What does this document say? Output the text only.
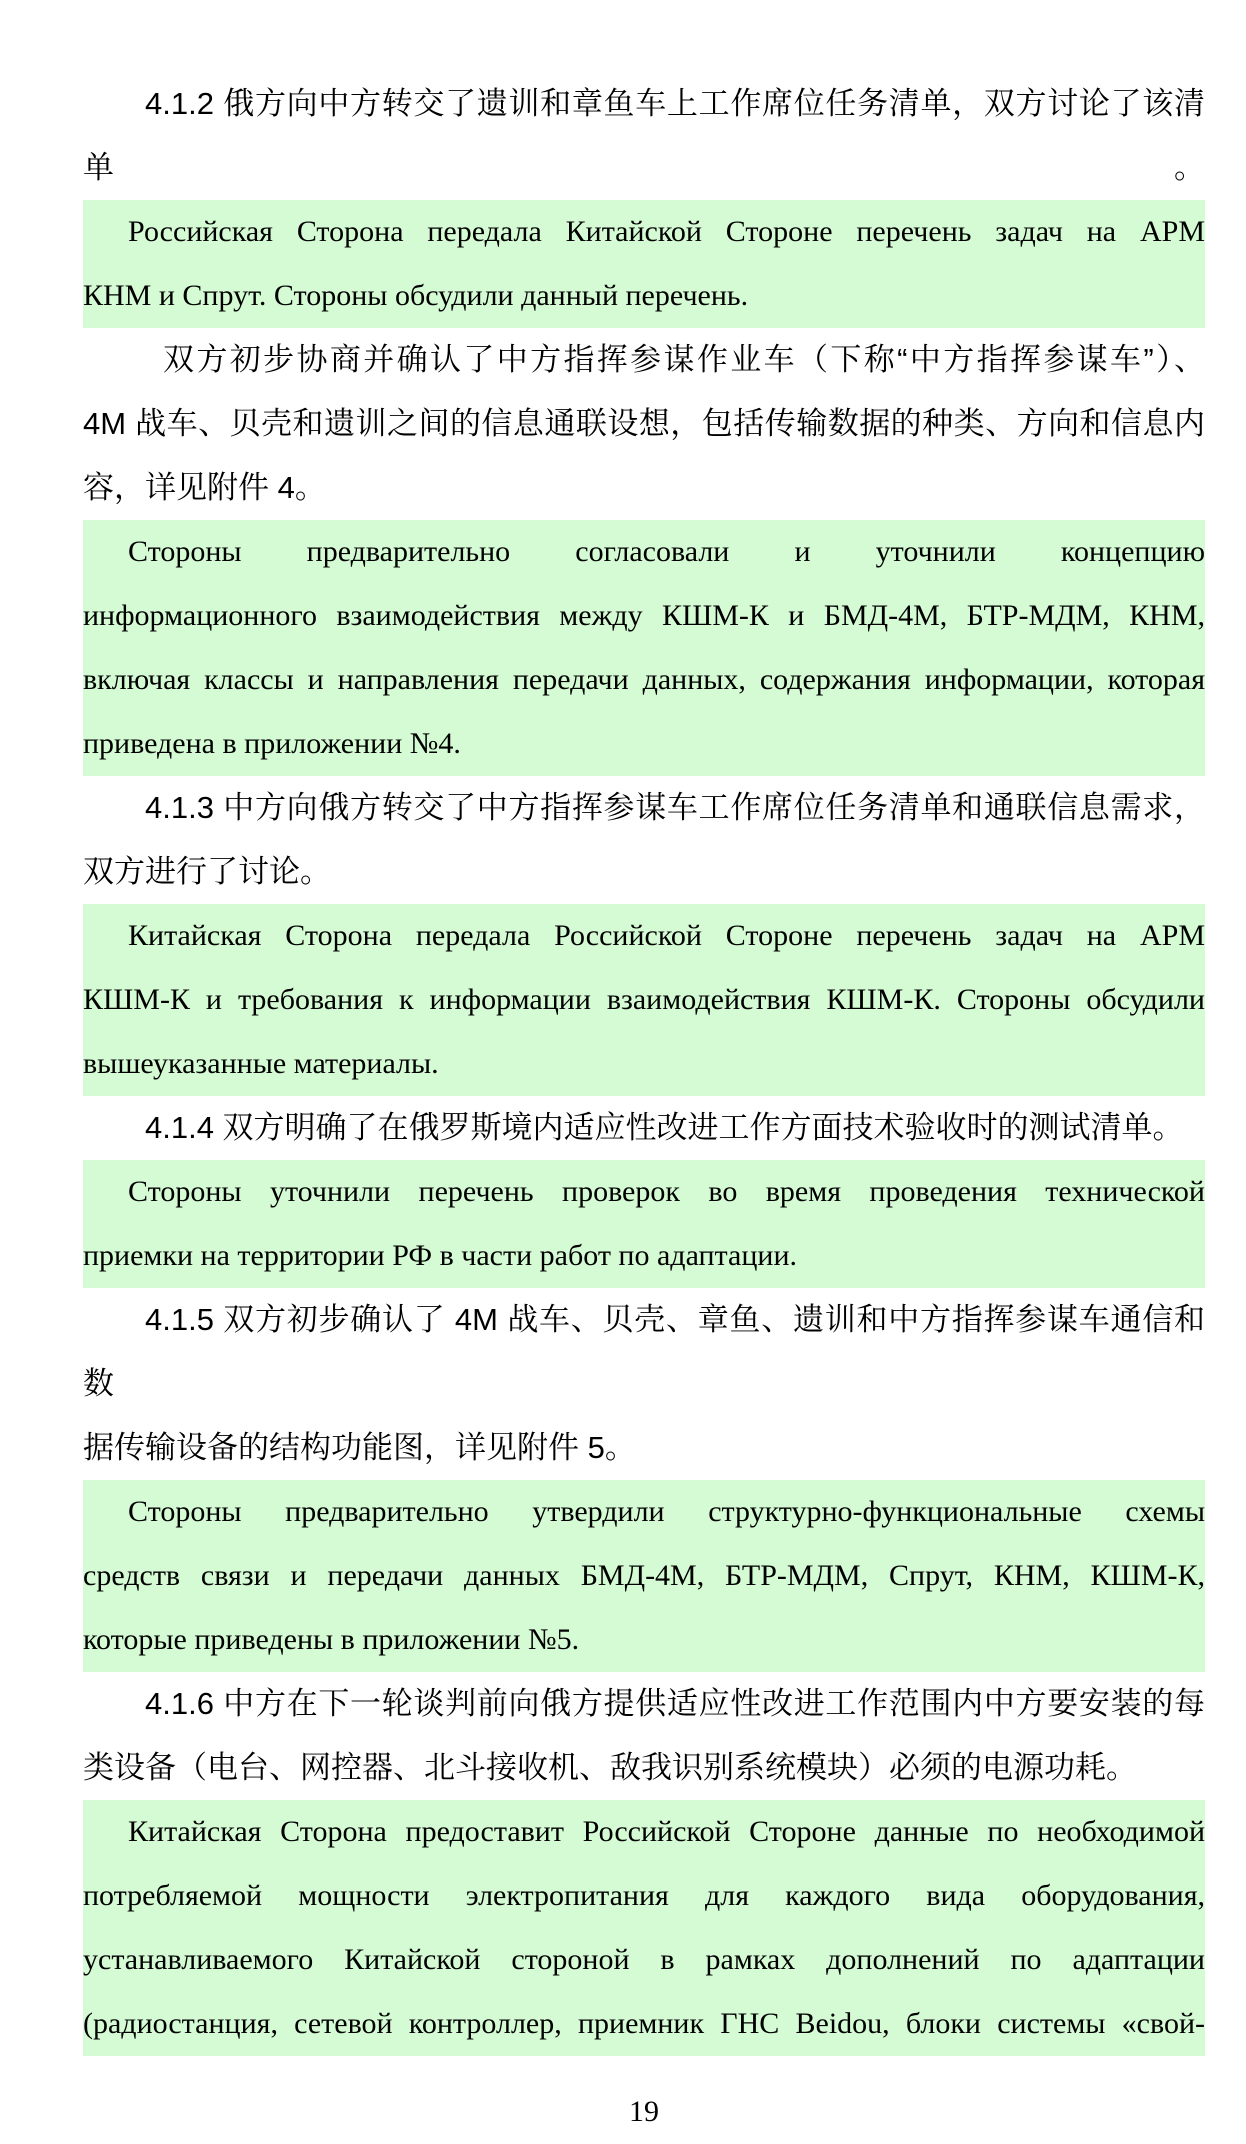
4.1.2 俄方向中方转交了遗训和章鱼车上工作席位任务清单，双方讨论了该清单。
Российская Сторона передала Китайской Стороне перечень задач на АРМ
КНМ и Спрут. Стороны обсудили данный перечень.
双方初步协商并确认了中方指挥参谋作业车（下称“中方指挥参谋车”）、
4M 战车、贝壳和遗训之间的信息通联设想，包括传输数据的种类、方向和信息内
容，详见附件 4。
Стороны предварительно согласовали и уточнили концепцию
информационного взаимодействия между КШМ-К и БМД-4М, БТР-МДМ, КНМ,
включая классы и направления передачи данных, содержания информации, которая
приведена в приложении №4.
4.1.3 中方向俄方转交了中方指挥参谋车工作席位任务清单和通联信息需求，
双方进行了讨论。
Китайская Сторона передала Российской Стороне перечень задач на АРМ
КШМ-К и требования к информации взаимодействия КШМ-К. Стороны обсудили
вышеуказанные материалы.
4.1.4 双方明确了在俄罗斯境内适应性改进工作方面技术验收时的测试清单。
Стороны уточнили перечень проверок во время проведения технической
приемки на территории РФ в части работ по адаптации.
4.1.5 双方初步确认了 4M 战车、贝壳、章鱼、遗训和中方指挥参谋车通信和数
据传输设备的结构功能图，详见附件 5。
Стороны предварительно утвердили структурно-функциональные схемы
средств связи и передачи данных БМД-4М, БТР-МДМ, Спрут, КНМ, КШМ-К,
которые приведены в приложении №5.
4.1.6 中方在下一轮谈判前向俄方提供适应性改进工作范围内中方要安装的每
类设备（电台、网控器、北斗接收机、敌我识别系统模块）必须的电源功耗。
Китайская Сторона предоставит Российской Стороне данные по необходимой
потребляемой мощности электропитания для каждого вида оборудования,
устанавливаемого Китайской стороной в рамках дополнений по адаптации
(радиостанция, сетевой контроллер, приемник ГНС Beidou, блоки системы «свой-
19
